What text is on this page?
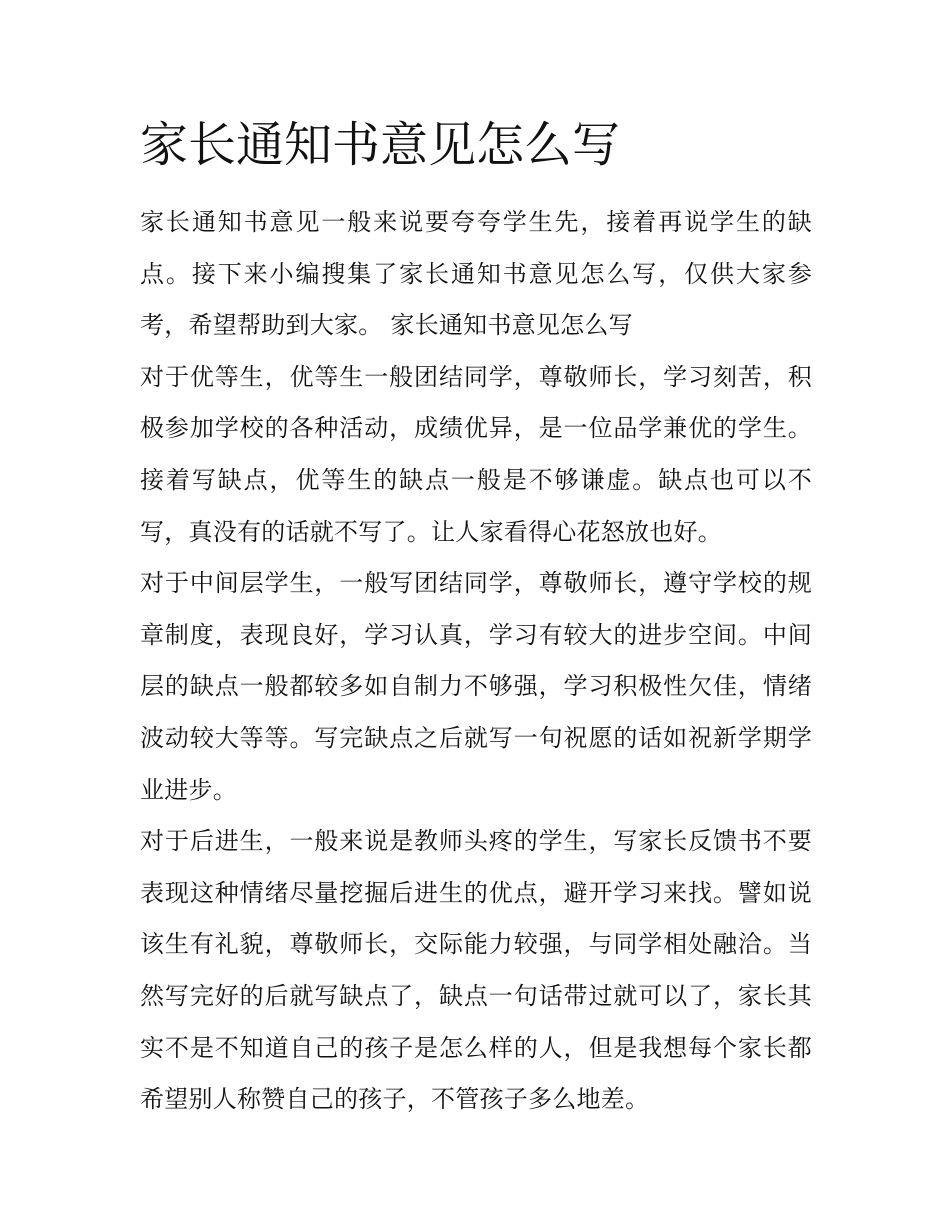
家长通知书意见怎么写

家长通知书意见一般来说要夸夸学生先，接着再说学生的缺点。接下来小编搜集了家长通知书意见怎么写，仅供大家参考，希望帮助到大家。 家长通知书意见怎么写

对于优等生，优等生一般团结同学，尊敬师长，学习刻苦，积极参加学校的各种活动，成绩优异，是一位品学兼优的学生。接着写缺点，优等生的缺点一般是不够谦虚。缺点也可以不写，真没有的话就不写了。让人家看得心花怒放也好。

对于中间层学生，一般写团结同学，尊敬师长，遵守学校的规章制度，表现良好，学习认真，学习有较大的进步空间。中间层的缺点一般都较多如自制力不够强，学习积极性欠佳，情绪波动较大等等。写完缺点之后就写一句祝愿的话如祝新学期学业进步。

对于后进生，一般来说是教师头疼的学生，写家长反馈书不要表现这种情绪尽量挖掘后进生的优点，避开学习来找。譬如说该生有礼貌，尊敬师长，交际能力较强，与同学相处融洽。当然写完好的后就写缺点了，缺点一句话带过就可以了，家长其实不是不知道自己的孩子是怎么样的人，但是我想每个家长都希望别人称赞自己的孩子，不管孩子多么地差。
